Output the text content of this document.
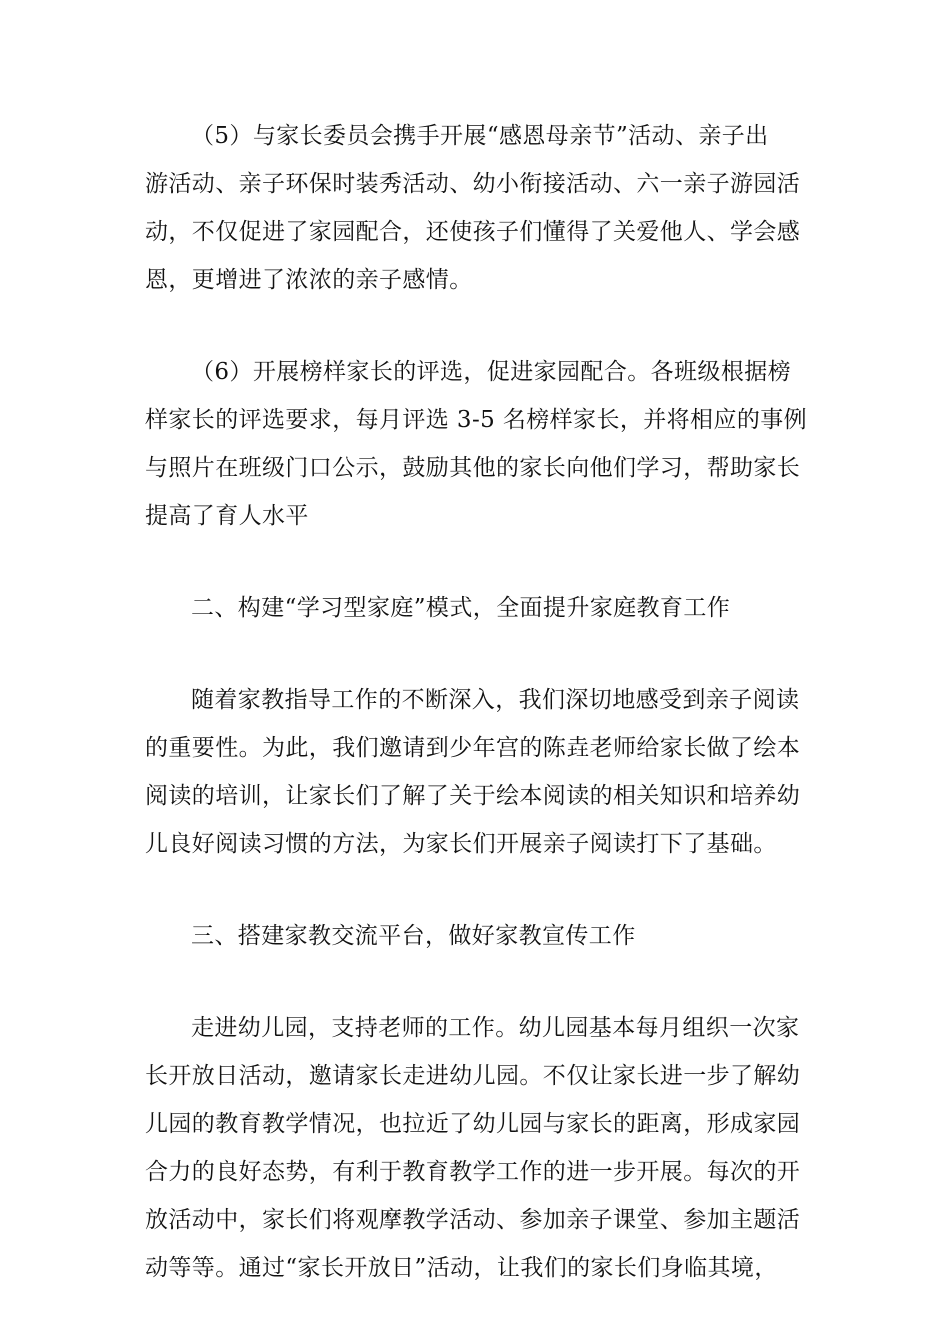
（5）与家长委员会携手开展“感恩母亲节”活动、亲子出
游活动、亲子环保时装秀活动、幼小衔接活动、六一亲子游园活
动，不仅促进了家园配合，还使孩子们懂得了关爱他人、学会感
恩，更增进了浓浓的亲子感情。
（6）开展榜样家长的评选，促进家园配合。各班级根据榜
样家长的评选要求，每月评选 3-5 名榜样家长，并将相应的事例
与照片在班级门口公示，鼓励其他的家长向他们学习，帮助家长
提高了育人水平
二、构建“学习型家庭”模式，全面提升家庭教育工作
随着家教指导工作的不断深入，我们深切地感受到亲子阅读
的重要性。为此，我们邀请到少年宫的陈垚老师给家长做了绘本
阅读的培训，让家长们了解了关于绘本阅读的相关知识和培养幼
儿良好阅读习惯的方法，为家长们开展亲子阅读打下了基础。
三、搭建家教交流平台，做好家教宣传工作
走进幼儿园，支持老师的工作。幼儿园基本每月组织一次家
长开放日活动，邀请家长走进幼儿园。不仅让家长进一步了解幼
儿园的教育教学情况，也拉近了幼儿园与家长的距离，形成家园
合力的良好态势，有利于教育教学工作的进一步开展。每次的开
放活动中，家长们将观摩教学活动、参加亲子课堂、参加主题活
动等等。通过“家长开放日”活动，让我们的家长们身临其境，
